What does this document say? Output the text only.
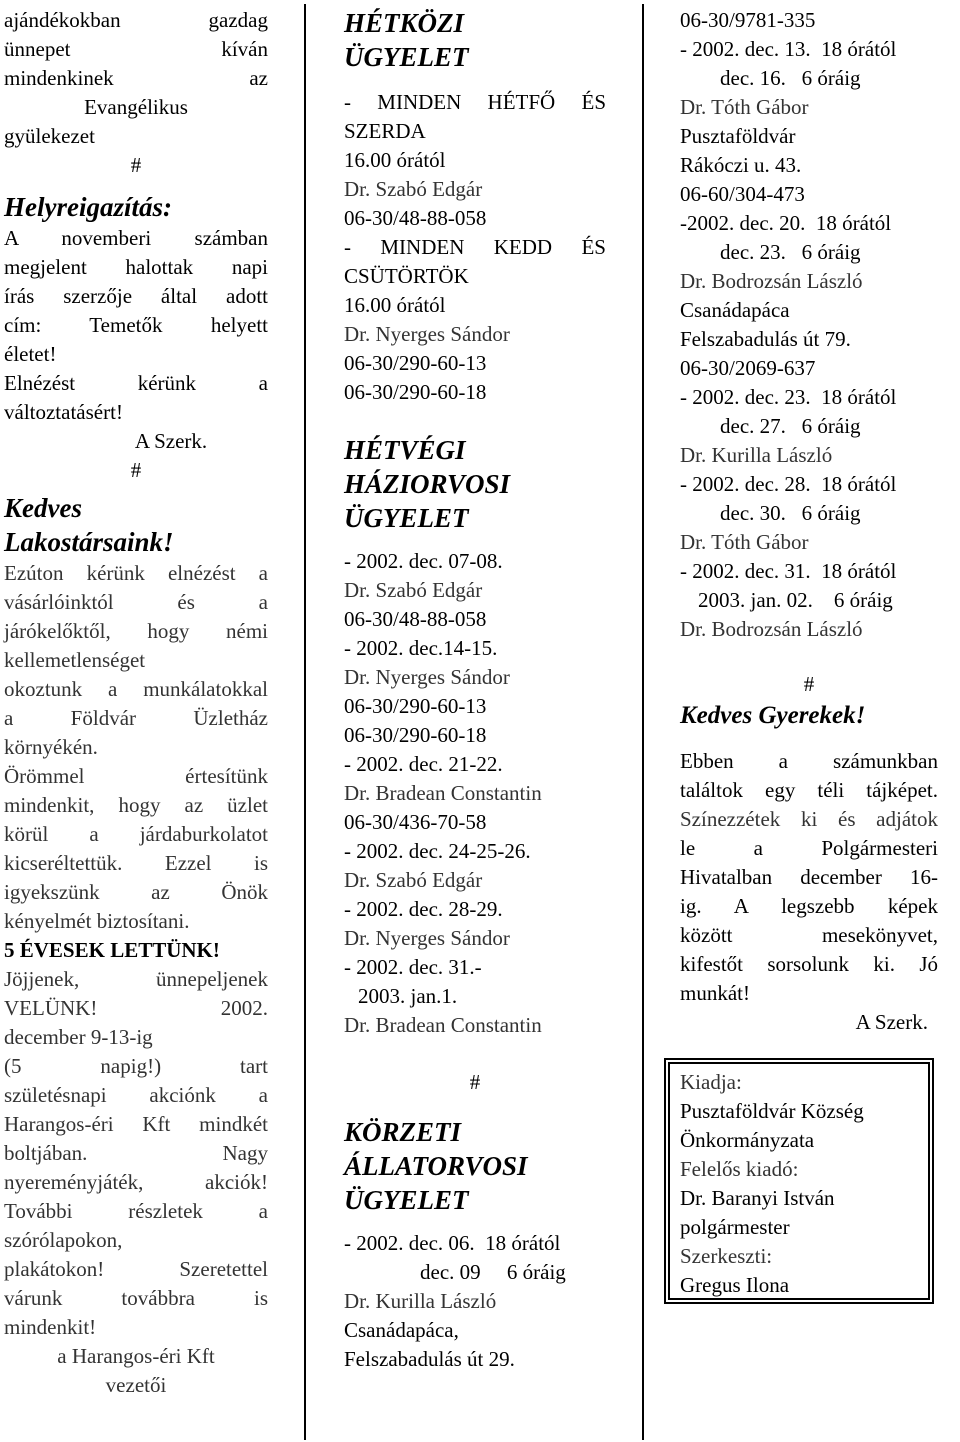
ajándékokban gazdag

ünnepet kíván

mindenkinek az

Evangélikus

gyülekezet

#

Helyreigazítás:

A novemberi számban

megjelent halottak napi

írás szerzője által adott

cím: Temetők helyett

életet!

Elnézést kérünk a

változtatásért!

A Szerk.

#

Kedves

Lakostársaink!

Ezúton kérünk elnézést a

vásárlóinktól és a

járókelőktől, hogy némi

kellemetlenséget

okoztunk a munkálatokkal

a Földvár Üzletház

környékén.

Örömmel értesítünk

mindenkit, hogy az üzlet

körül a járdaburkolatot

kicseréltettük. Ezzel is

igyekszünk az Önök

kényelmét biztosítani.

5 ÉVESEK LETTÜNK!

Jöjjenek, ünnepeljenek

VELÜNK! 2002.

december 9-13-ig

(5 napig!) tart

születésnapi akciónk a

Harangos-éri Kft mindkét

boltjában. Nagy

nyereményjáték, akciók!

További részletek a

szórólapokon,

plakátokon! Szeretettel

várunk továbbra is

mindenkit!

a Harangos-éri Kft

vezetői

HÉTKÖZI

ÜGYELET

- MINDEN HÉTFŐ ÉS

SZERDA

16.00 órától

Dr. Szabó Edgár

06-30/48-88-058

- MINDEN KEDD ÉS

CSÜTÖRTÖK

16.00 órától

Dr. Nyerges Sándor

06-30/290-60-13

06-30/290-60-18

HÉTVÉGI

HÁZIORVOSI

ÜGYELET

- 2002. dec. 07-08.

Dr. Szabó Edgár

06-30/48-88-058

- 2002. dec.14-15.

Dr. Nyerges Sándor

06-30/290-60-13

06-30/290-60-18

- 2002. dec. 21-22.

Dr. Bradean Constantin

06-30/436-70-58

- 2002. dec. 24-25-26.

Dr. Szabó Edgár

- 2002. dec. 28-29.

Dr. Nyerges Sándor

- 2002. dec. 31.-

2003. jan.1.

Dr. Bradean Constantin

#

KÖRZETI

ÁLLATORVOSI

ÜGYELET

- 2002. dec. 06.  18 órától

dec. 09     6 óráig

Dr. Kurilla László

Csanádapáca,

Felszabadulás út 29.

06-30/9781-335

- 2002. dec. 13.  18 órától

dec. 16.   6 óráig

Dr. Tóth Gábor

Pusztaföldvár

Rákóczi u. 43.

06-60/304-473

-2002. dec. 20.  18 órától

dec. 23.   6 óráig

Dr. Bodrozsán László

Csanádapáca

Felszabadulás út 79.

06-30/2069-637

- 2002. dec. 23.  18 órától

dec. 27.   6 óráig

Dr. Kurilla László

- 2002. dec. 28.  18 órától

dec. 30.   6 óráig

Dr. Tóth Gábor

- 2002. dec. 31.  18 órától

2003. jan. 02.    6 óráig

Dr. Bodrozsán László

#

Kedves Gyerekek!

Ebben a számunkban

találtok egy téli tájképet.

Színezzétek ki és adjátok

le a Polgármesteri

Hivatalban december 16-

ig. A legszebb képek

között mesekönyvet,

kifestőt sorsolunk ki. Jó

munkát!

A Szerk.

Kiadja:

Pusztaföldvár Község

Önkormányzata

Felelős kiadó:

Dr. Baranyi István

polgármester

Szerkeszti:

Gregus Ilona
